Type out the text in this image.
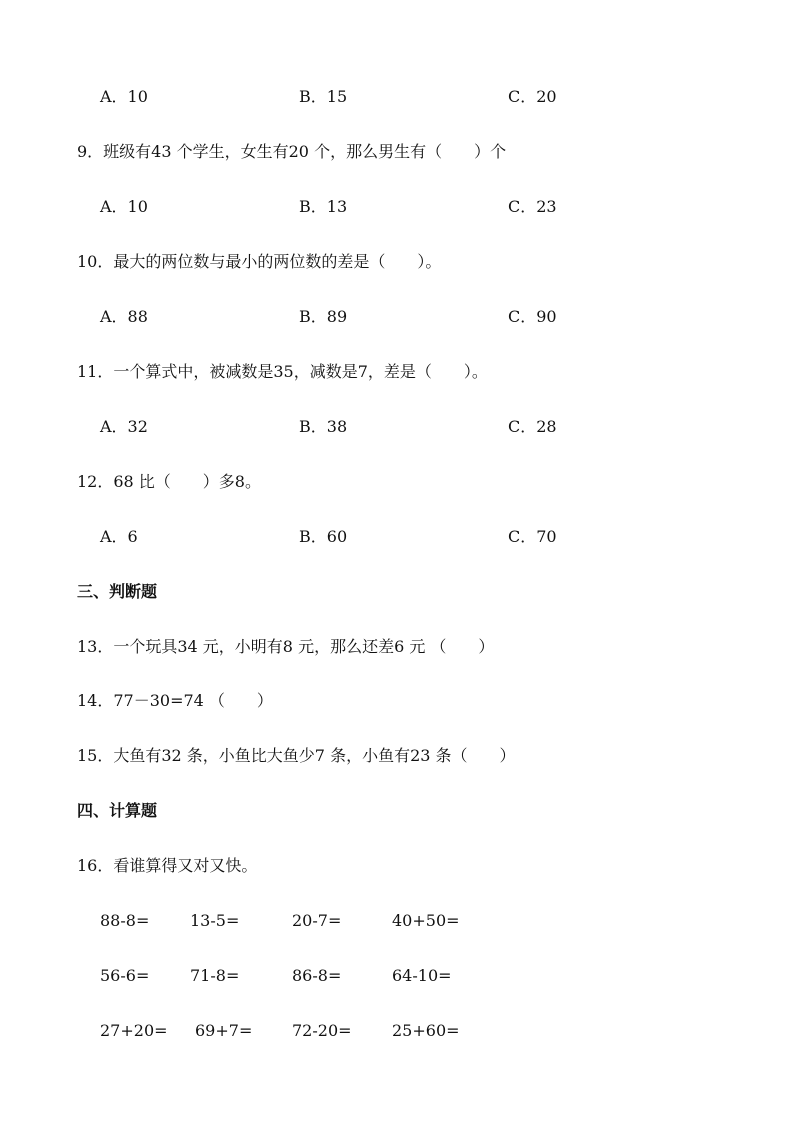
A．10	B．15	C．20
9．班级有43 个学生，女生有20 个，那么男生有（　　）个
A．10	B．13	C．23
10．最大的两位数与最小的两位数的差是（　　）。
A．88	B．89	C．90
11．一个算式中，被减数是35，减数是7，差是（　　）。
A．32	B．38	C．28
12．68 比（　　）多8。
A．6	B．60	C．70
三、判断题
13．一个玩具34 元，小明有8 元，那么还差6 元 （　　）
14．77－30=74 （　　）
15．大鱼有32 条，小鱼比大鱼少7 条，小鱼有23 条（　　）
四、计算题
16．看谁算得又对又快。
88-8=	13-5=	20-7=	40+50=
56-6=	71-8=	86-8=	64-10=
27+20= 69+7= 72-20=	25+60=
